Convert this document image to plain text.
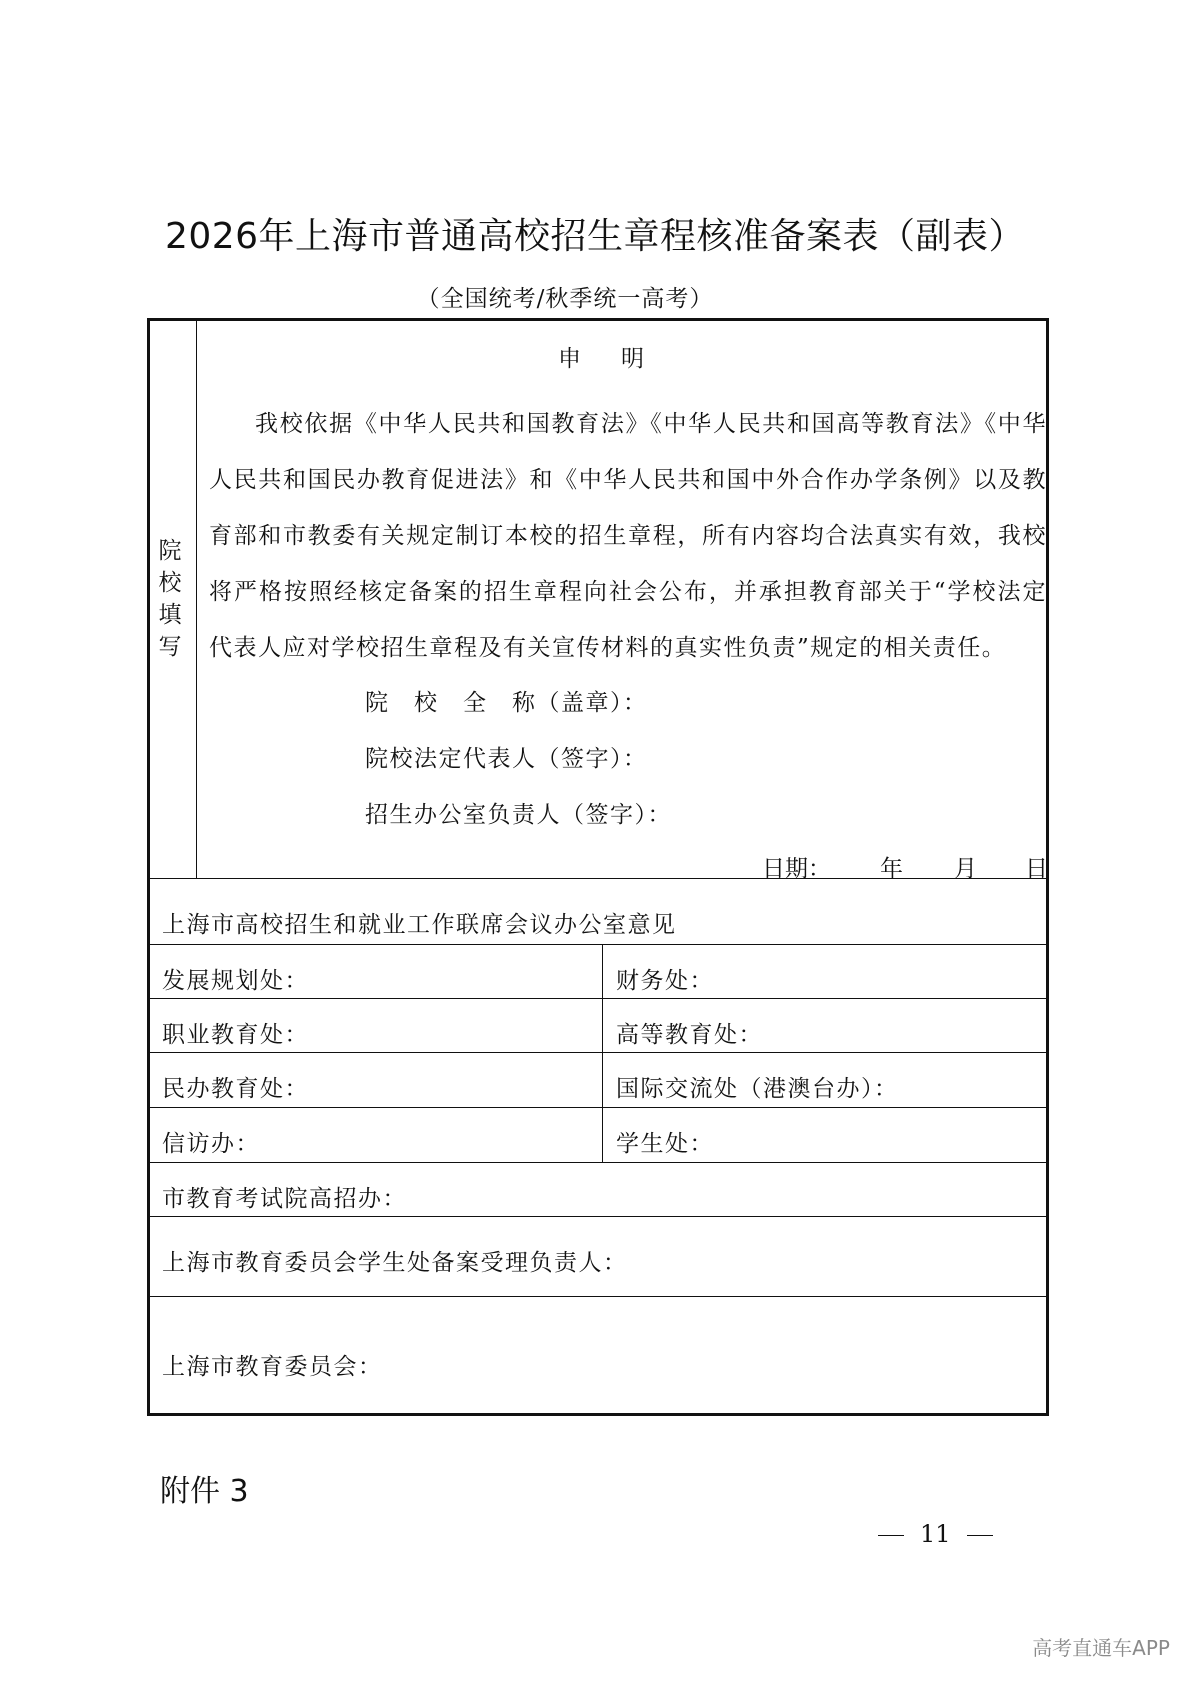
2026年上海市普通高校招生章程核准备案表（副表）
（全国统考/秋季统一高考）
院
校
填
写
申明
我校依据《中华人民共和国教育法》《中华人民共和国高等教育法》《中华人民共和国民办教育促进法》和《中华人民共和国中外合作办学条例》以及教育部和市教委有关规定制订本校的招生章程，所有内容均合法真实有效，我校将严格按照经核定备案的招生章程向社会公布，并承担教育部关于“学校法定代表人应对学校招生章程及有关宣传材料的真实性负责”规定的相关责任。
院　校　全　称（盖章）：
院校法定代表人（签字）：
招生办公室负责人（签字）：
日期： 年 月 日
上海市高校招生和就业工作联席会议办公室意见
发展规划处：	财务处：
职业教育处：	高等教育处：
民办教育处：	国际交流处（港澳台办）：
信访办：	学生处：
市教育考试院高招办：
上海市教育委员会学生处备案受理负责人：
上海市教育委员会：
附件 3
11
高考直通车APP
